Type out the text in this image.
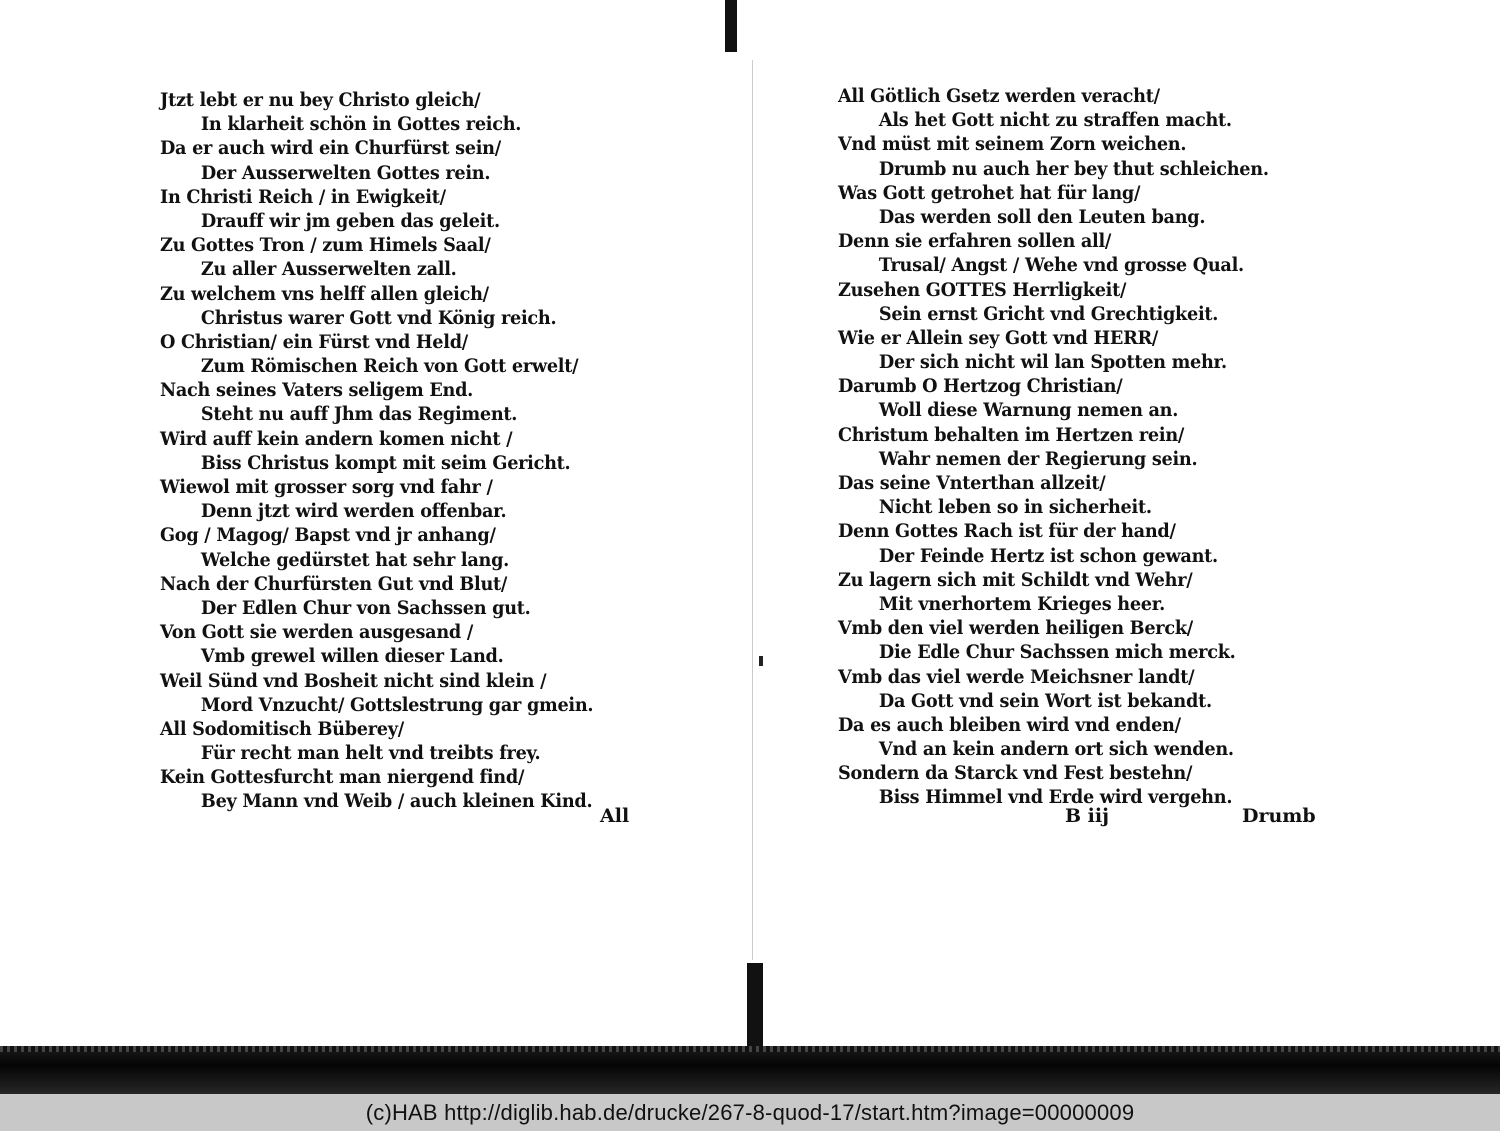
Jtzt lebt er nu bey Christo gleich/
In klarheit schön in Gottes reich.
Da er auch wird ein Churfürst sein/
Der Ausserwelten Gottes rein.
In Christi Reich / in Ewigkeit/
Drauff wir jm geben das geleit.
Zu Gottes Tron / zum Himels Saal/
Zu aller Ausserwelten zall.
Zu welchem vns helff allen gleich/
Christus warer Gott vnd König reich.
O Christian/ ein Fürst vnd Held/
Zum Römischen Reich von Gott erwelt/
Nach seines Vaters seligem End.
Steht nu auff Jhm das Regiment.
Wird auff kein andern komen nicht /
Biss Christus kompt mit seim Gericht.
Wiewol mit grosser sorg vnd fahr /
Denn jtzt wird werden offenbar.
Gog / Magog/ Bapst vnd jr anhang/
Welche gedürstet hat sehr lang.
Nach der Churfürsten Gut vnd Blut/
Der Edlen Chur von Sachssen gut.
Von Gott sie werden ausgesand /
Vmb grewel willen dieser Land.
Weil Sünd vnd Bosheit nicht sind klein /
Mord Vnzucht/ Gottslestrung gar gmein.
All Sodomitisch Büberey/
Für recht man helt vnd treibts frey.
Kein Gottesfurcht man niergend find/
Bey Mann vnd Weib / auch kleinen Kind.
All Götlich Gsetz werden veracht/
Als het Gott nicht zu straffen macht.
Vnd müst mit seinem Zorn weichen.
Drumb nu auch her bey thut schleichen.
Was Gott getrohet hat für lang/
Das werden soll den Leuten bang.
Denn sie erfahren sollen all/
Trusal/ Angst / Wehe vnd grosse Qual.
Zusehen GOTTES Herrligkeit/
Sein ernst Gricht vnd Grechtigkeit.
Wie er Allein sey Gott vnd HERR/
Der sich nicht wil lan Spotten mehr.
Darumb O Hertzog Christian/
Woll diese Warnung nemen an.
Christum behalten im Hertzen rein/
Wahr nemen der Regierung sein.
Das seine Vnterthan allzeit/
Nicht leben so in sicherheit.
Denn Gottes Rach ist für der hand/
Der Feinde Hertz ist schon gewant.
Zu lagern sich mit Schildt vnd Wehr/
Mit vnerhortem Krieges heer.
Vmb den viel werden heiligen Berck/
Die Edle Chur Sachssen mich merck.
Vmb das viel werde Meichsner landt/
Da Gott vnd sein Wort ist bekandt.
Da es auch bleiben wird vnd enden/
Vnd an kein andern ort sich wenden.
Sondern da Starck vnd Fest bestehn/
Biss Himmel vnd Erde wird vergehn.
All	B iij	Drumb
(c)HAB http://diglib.hab.de/drucke/267-8-quod-17/start.htm?image=00000009
